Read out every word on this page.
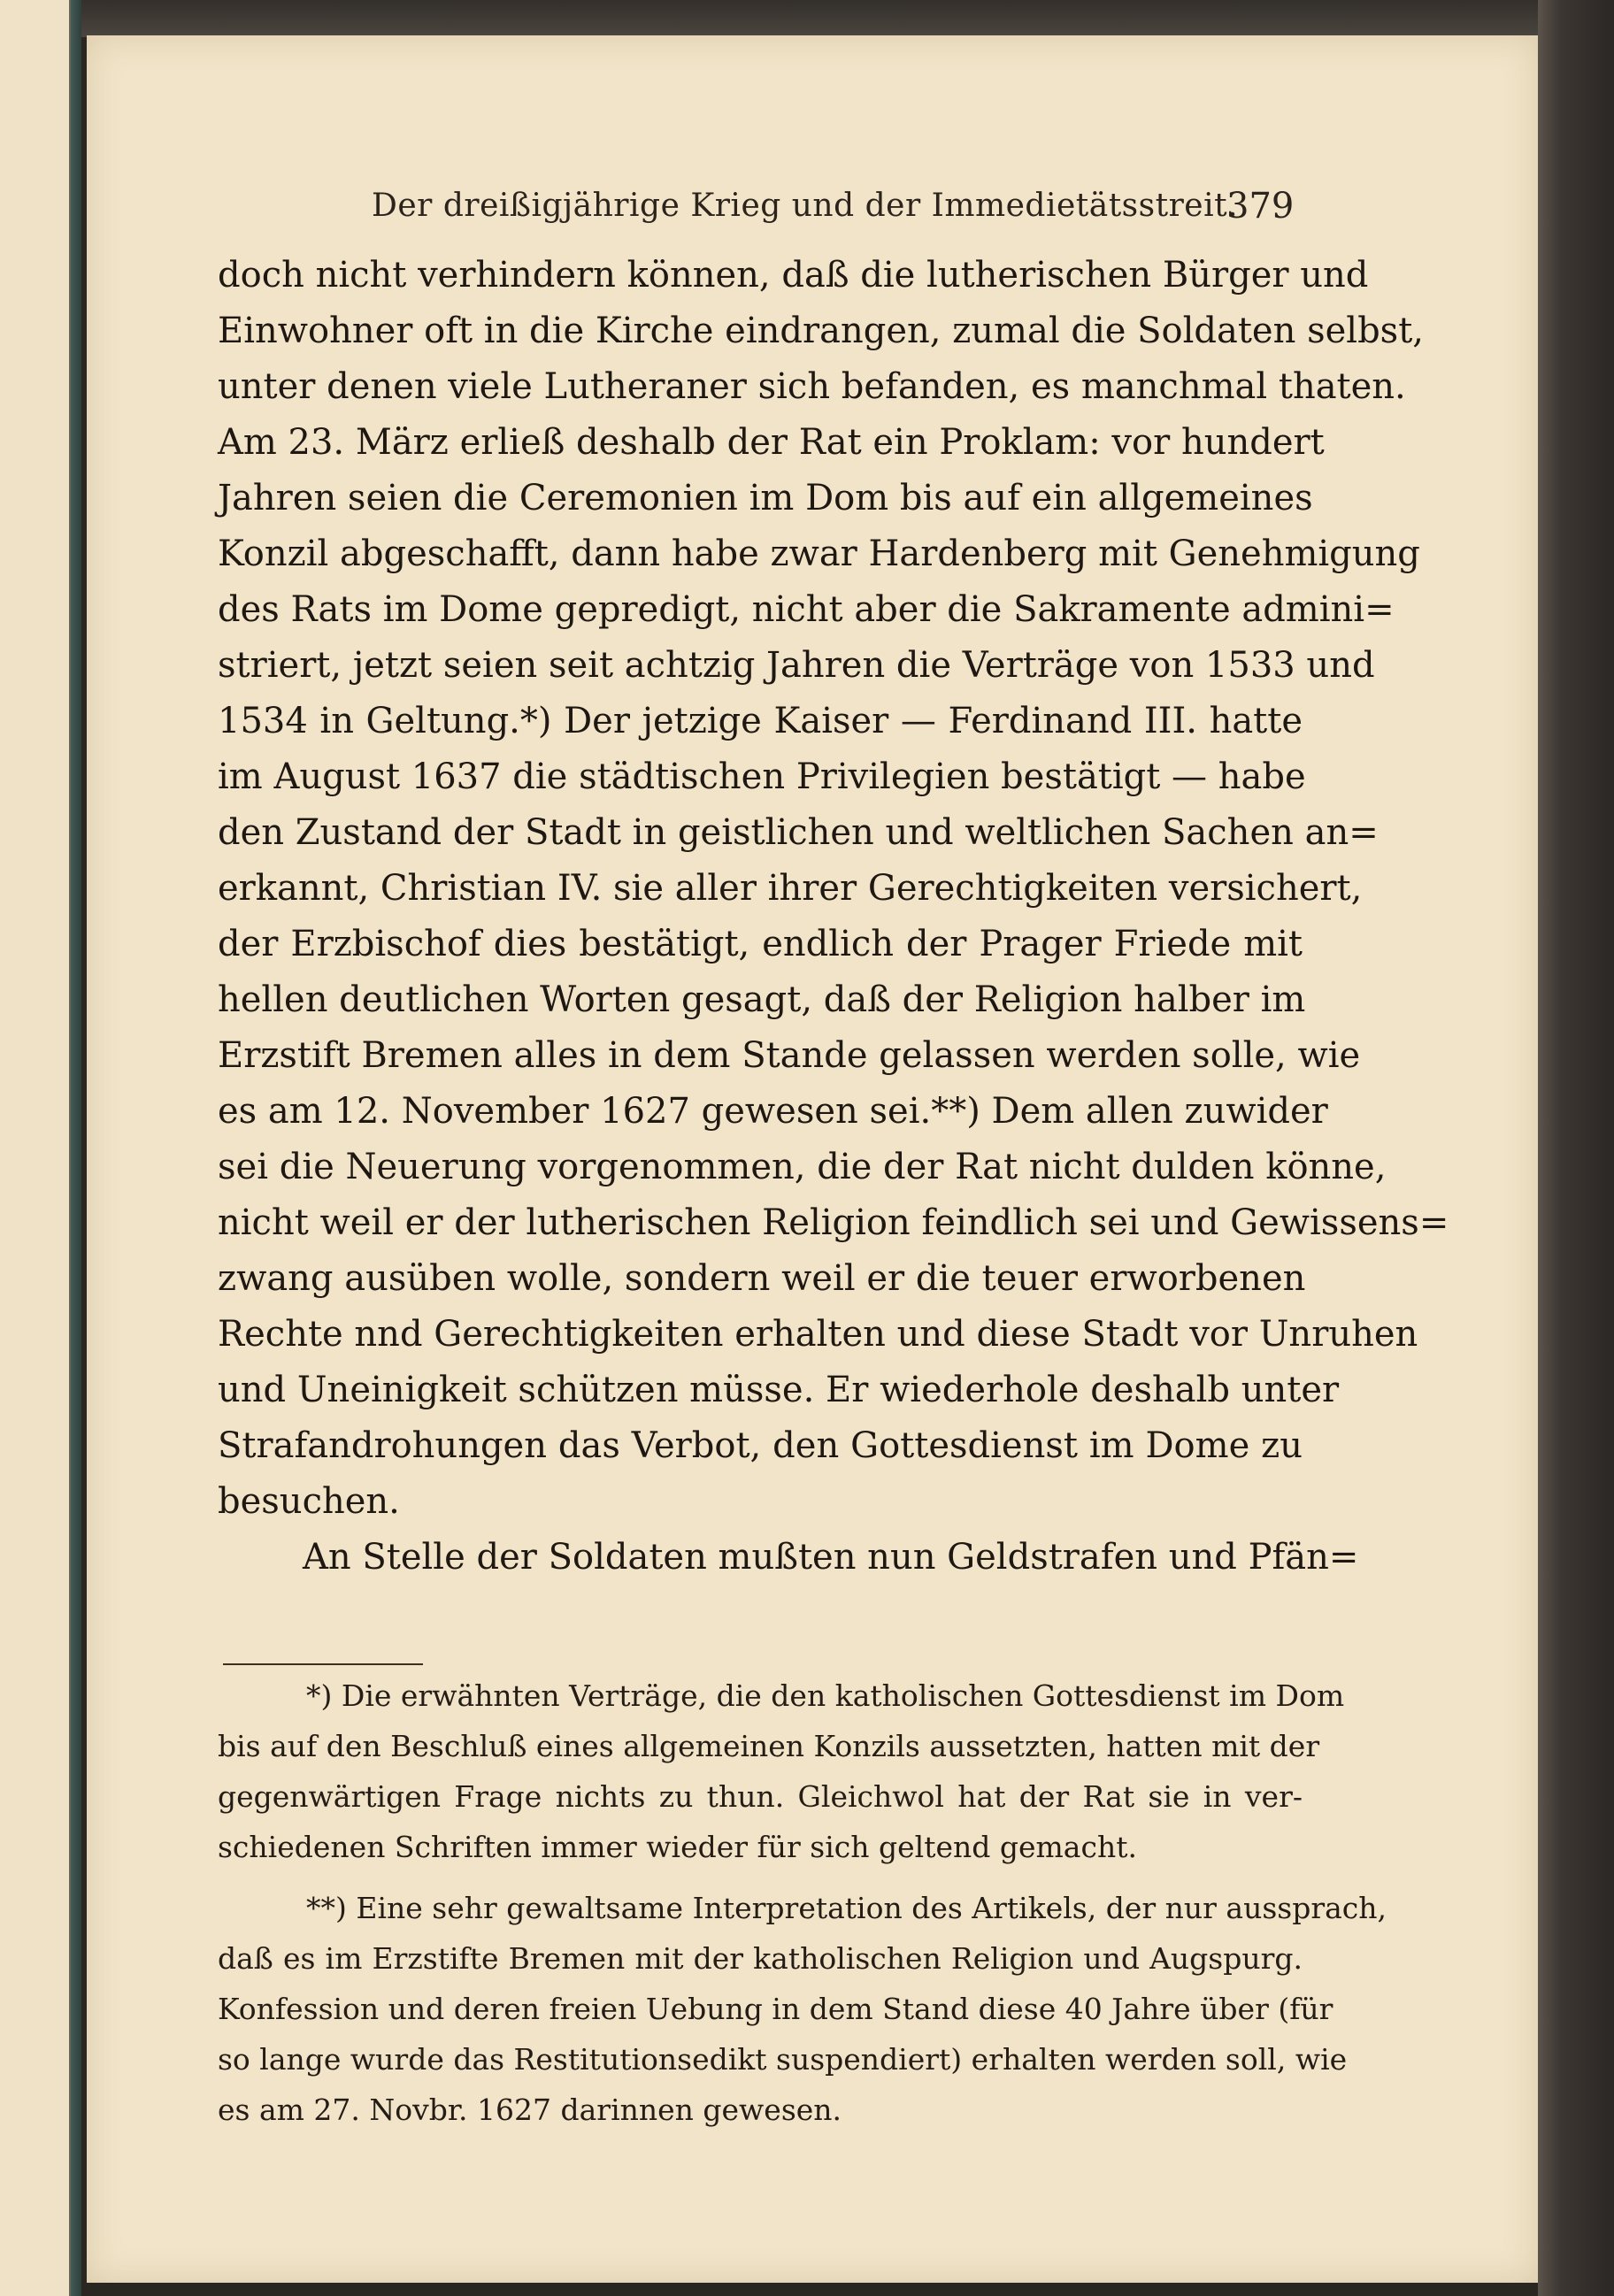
Der dreißigjährige Krieg und der Immedietätsstreit.
379
doch nicht verhindern können, daß die lutherischen Bürger und
Einwohner oft in die Kirche eindrangen, zumal die Soldaten selbst,
unter denen viele Lutheraner sich befanden, es manchmal thaten.
Am 23. März erließ deshalb der Rat ein Proklam: vor hundert
Jahren seien die Ceremonien im Dom bis auf ein allgemeines
Konzil abgeschafft, dann habe zwar Hardenberg mit Genehmigung
des Rats im Dome gepredigt, nicht aber die Sakramente admini=
striert, jetzt seien seit achtzig Jahren die Verträge von 1533 und
1534 in Geltung.*) Der jetzige Kaiser — Ferdinand III. hatte
im August 1637 die städtischen Privilegien bestätigt — habe
den Zustand der Stadt in geistlichen und weltlichen Sachen an=
erkannt, Christian IV. sie aller ihrer Gerechtigkeiten versichert,
der Erzbischof dies bestätigt, endlich der Prager Friede mit
hellen deutlichen Worten gesagt, daß der Religion halber im
Erzstift Bremen alles in dem Stande gelassen werden solle, wie
es am 12. November 1627 gewesen sei.**) Dem allen zuwider
sei die Neuerung vorgenommen, die der Rat nicht dulden könne,
nicht weil er der lutherischen Religion feindlich sei und Gewissens=
zwang ausüben wolle, sondern weil er die teuer erworbenen
Rechte nnd Gerechtigkeiten erhalten und diese Stadt vor Unruhen
und Uneinigkeit schützen müsse. Er wiederhole deshalb unter
Strafandrohungen das Verbot, den Gottesdienst im Dome zu
besuchen.
An Stelle der Soldaten mußten nun Geldstrafen und Pfän=
*) Die erwähnten Verträge, die den katholischen Gottesdienst im Dom
bis auf den Beschluß eines allgemeinen Konzils aussetzten, hatten mit der
gegenwärtigen Frage nichts zu thun. Gleichwol hat der Rat sie in ver-
schiedenen Schriften immer wieder für sich geltend gemacht.
**) Eine sehr gewaltsame Interpretation des Artikels, der nur aussprach,
daß es im Erzstifte Bremen mit der katholischen Religion und Augspurg.
Konfession und deren freien Uebung in dem Stand diese 40 Jahre über (für
so lange wurde das Restitutionsedikt suspendiert) erhalten werden soll, wie
es am 27. Novbr. 1627 darinnen gewesen.
